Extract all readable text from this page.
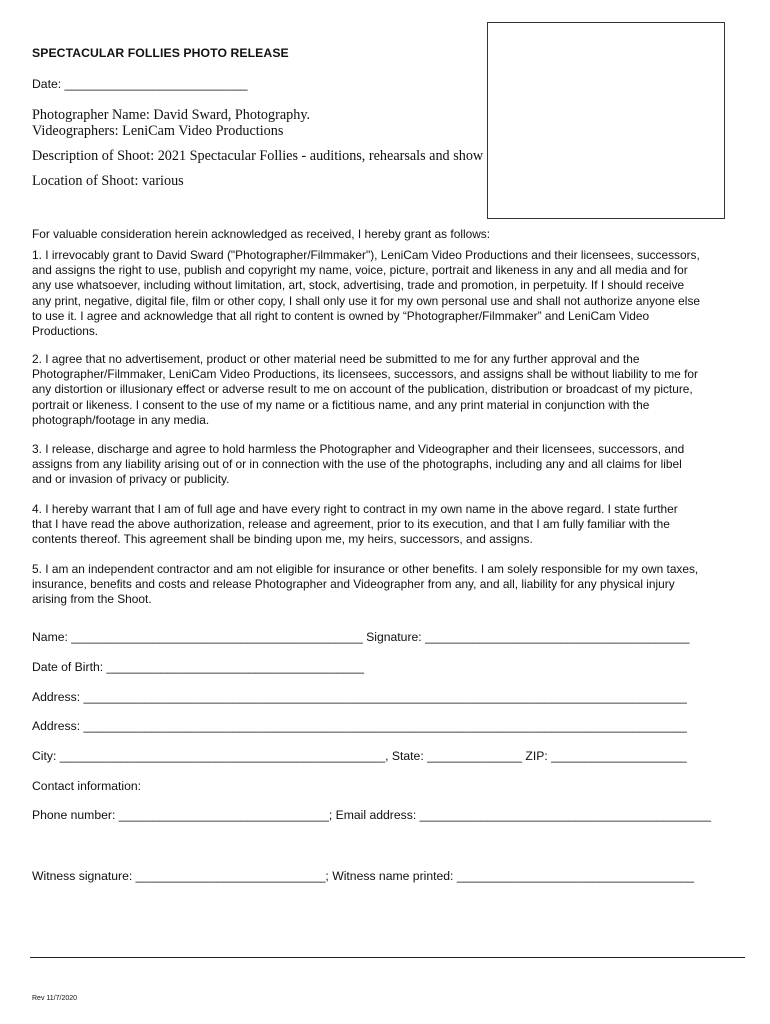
SPECTACULAR FOLLIES PHOTO RELEASE
Date: ___________________________
Photographer Name: David Sward, Photography.
Videographers: LeniCam Video Productions
Description of Shoot: 2021 Spectacular Follies - auditions, rehearsals and show
Location of Shoot: various
For valuable consideration herein acknowledged as received, I hereby grant as follows:
1. I irrevocably grant to David Sward ("Photographer/Filmmaker"), LeniCam Video Productions and their licensees, successors,
and assigns the right to use, publish and copyright my name, voice, picture, portrait and likeness in any and all media and for
any use whatsoever, including without limitation, art, stock, advertising, trade and promotion, in perpetuity. If I should receive
any print, negative, digital file, film or other copy, I shall only use it for my own personal use and shall not authorize anyone else
to use it. I agree and acknowledge that all right to content is owned by “Photographer/Filmmaker” and LeniCam Video
Productions.
2. I agree that no advertisement, product or other material need be submitted to me for any further approval and the
Photographer/Filmmaker, LeniCam Video Productions, its licensees, successors, and assigns shall be without liability to me for
any distortion or illusionary effect or adverse result to me on account of the publication, distribution or broadcast of my picture,
portrait or likeness. I consent to the use of my name or a fictitious name, and any print material in conjunction with the
photograph/footage in any media.
3. I release, discharge and agree to hold harmless the Photographer and Videographer and their licensees, successors, and
assigns from any liability arising out of or in connection with the use of the photographs, including any and all claims for libel
and or invasion of privacy or publicity.
4. I hereby warrant that I am of full age and have every right to contract in my own name in the above regard. I state further
that I have read the above authorization, release and agreement, prior to its execution, and that I am fully familiar with the
contents thereof. This agreement shall be binding upon me, my heirs, successors, and assigns.
5. I am an independent contractor and am not eligible for insurance or other benefits. I am solely responsible for my own taxes,
insurance, benefits and costs and release Photographer and Videographer from any, and all, liability for any physical injury
arising from the Shoot.
Name: ___________________________________________ Signature: _______________________________________
Date of Birth: ______________________________________
Address: _________________________________________________________________________________________
Address: _________________________________________________________________________________________
City: ________________________________________________, State: ______________ ZIP: ____________________
Contact information:
Phone number: _______________________________; Email address: ___________________________________________
Witness signature: ____________________________; Witness name printed: ___________________________________
Rev 11/7/2020
